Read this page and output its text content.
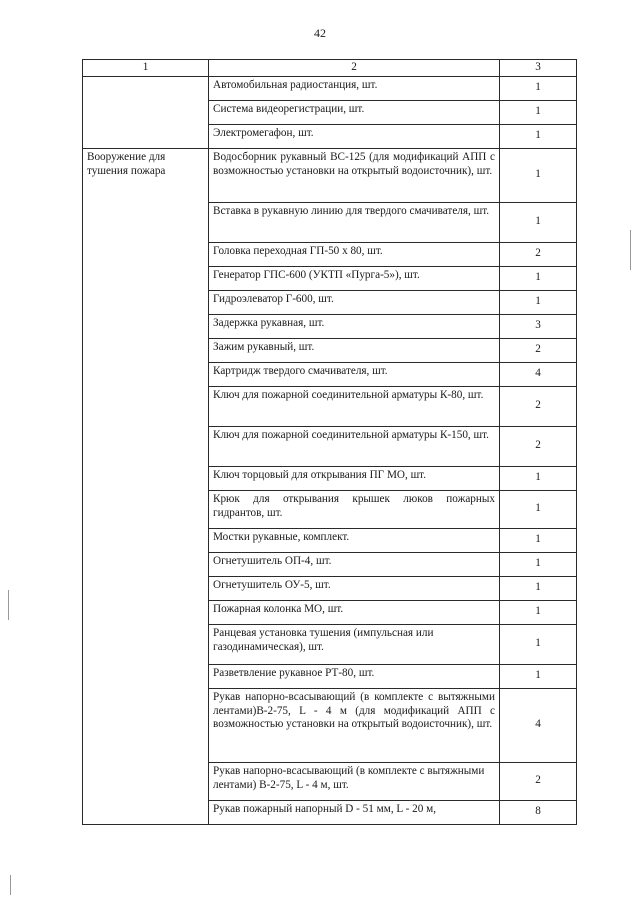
42
1	2	3
	Автомобильная радиостанция, шт.	1
	Система видеорегистрации, шт.	1
	Электромегафон, шт.	1
Вооружение для
тушения пожара	Водосборник рукавный ВС-125 (для модификаций АПП с возможностью установки на открытый водоисточник), шт.	1
	Вставка в рукавную линию для твердого смачивателя, шт.	1
	Головка переходная ГП-50 х 80, шт.	2
	Генератор ГПС-600 (УКТП «Пурга-5»), шт.	1
	Гидроэлеватор Г-600, шт.	1
	Задержка рукавная, шт.	3
	Зажим рукавный, шт.	2
	Картридж твердого смачивателя, шт.	4
	Ключ для пожарной соединительной арматуры К-80, шт.	2
	Ключ для пожарной соединительной арматуры К-150, шт.	2
	Ключ торцовый для открывания ПГ МО, шт.	1
	Крюк для открывания крышек люков пожарных гидрантов, шт.	1
	Мостки рукавные, комплект.	1
	Огнетушитель ОП-4, шт.	1
	Огнетушитель ОУ-5, шт.	1
	Пожарная колонка МО, шт.	1
	Ранцевая установка тушения (импульсная или газодинамическая), шт.	1
	Разветвление рукавное РТ-80, шт.	1
	Рукав напорно-всасывающий (в комплекте с вытяжными лентами)В-2-75, L - 4 м (для модификаций АПП с возможностью установки на открытый водоисточник), шт.	4
	Рукав напорно-всасывающий (в комплекте с вытяжными лентами) В-2-75, L - 4 м, шт.	2
	Рукав пожарный напорный D - 51 мм, L - 20 м,	8
